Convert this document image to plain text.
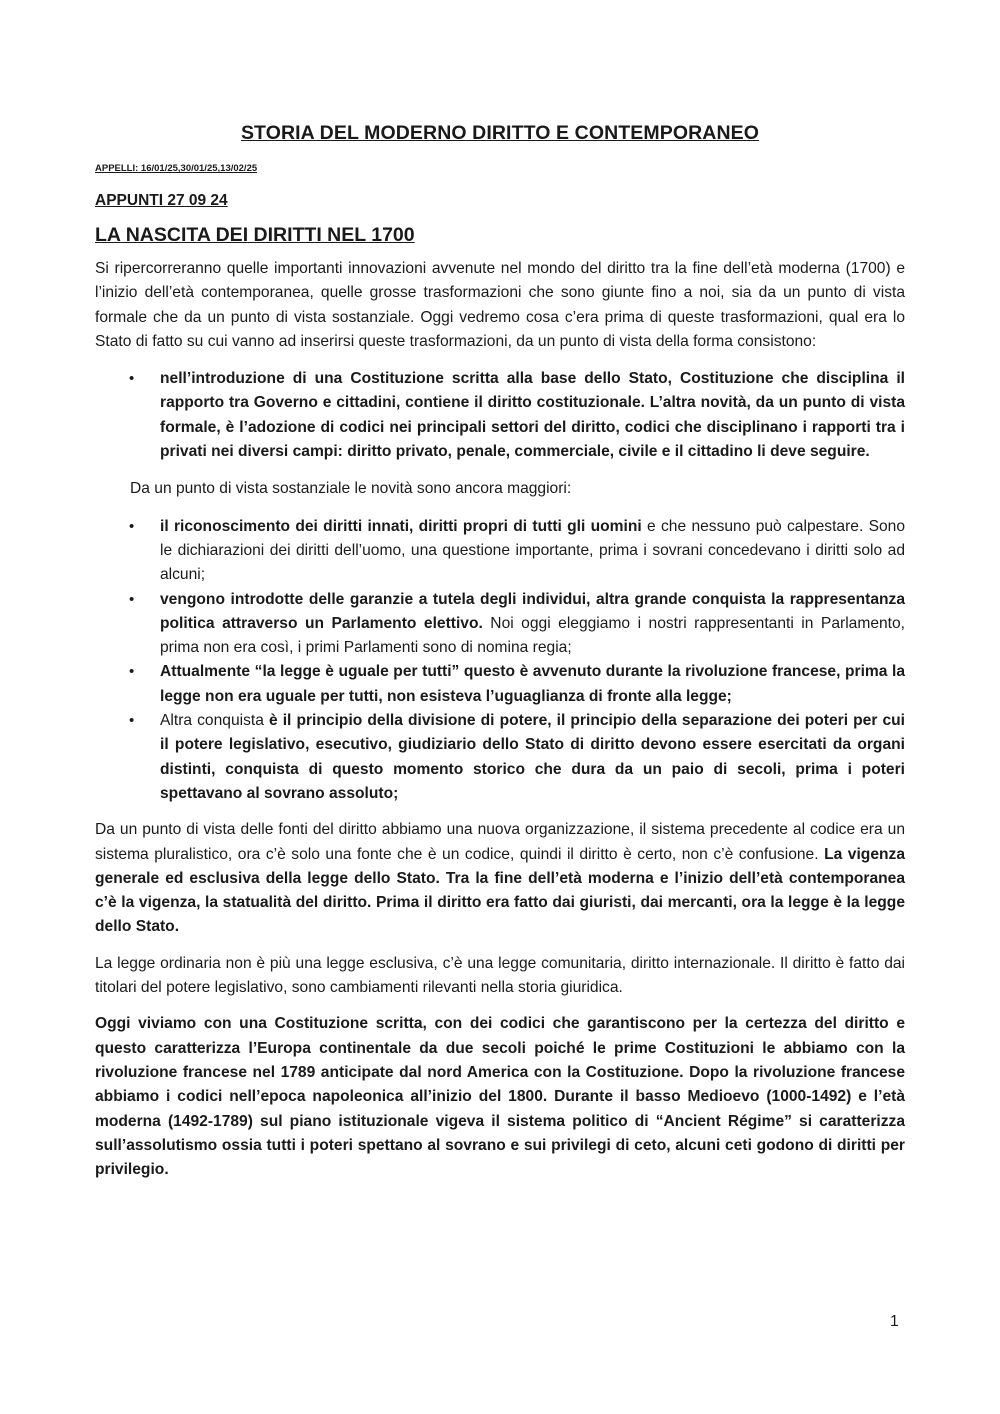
STORIA DEL MODERNO DIRITTO E CONTEMPORANEO
APPELLI: 16/01/25,30/01/25,13/02/25
APPUNTI 27 09 24
LA NASCITA DEI DIRITTI NEL 1700

Si ripercorreranno quelle importanti innovazioni avvenute nel mondo del diritto tra la fine dell’età moderna (1700) e l’inizio dell’età contemporanea, quelle grosse trasformazioni che sono giunte fino a noi, sia da un punto di vista formale che da un punto di vista sostanziale. Oggi vedremo cosa c’era prima di queste trasformazioni, qual era lo Stato di fatto su cui vanno ad inserirsi queste trasformazioni, da un punto di vista della forma consistono:

• nell’introduzione di una Costituzione scritta alla base dello Stato, Costituzione che disciplina il rapporto tra Governo e cittadini, contiene il diritto costituzionale. L’altra novità, da un punto di vista formale, è l’adozione di codici nei principali settori del diritto, codici che disciplinano i rapporti tra i privati nei diversi campi: diritto privato, penale, commerciale, civile e il cittadino li deve seguire.

Da un punto di vista sostanziale le novità sono ancora maggiori:

• il riconoscimento dei diritti innati, diritti propri di tutti gli uomini e che nessuno può calpestare. Sono le dichiarazioni dei diritti dell’uomo, una questione importante, prima i sovrani concedevano i diritti solo ad alcuni;
• vengono introdotte delle garanzie a tutela degli individui, altra grande conquista la rappresentanza politica attraverso un Parlamento elettivo. Noi oggi eleggiamo i nostri rappresentanti in Parlamento, prima non era così, i primi Parlamenti sono di nomina regia;
• Attualmente “la legge è uguale per tutti” questo è avvenuto durante la rivoluzione francese, prima la legge non era uguale per tutti, non esisteva l’uguaglianza di fronte alla legge;
• Altra conquista è il principio della divisione di potere, il principio della separazione dei poteri per cui il potere legislativo, esecutivo, giudiziario dello Stato di diritto devono essere esercitati da organi distinti, conquista di questo momento storico che dura da un paio di secoli, prima i poteri spettavano al sovrano assoluto;

Da un punto di vista delle fonti del diritto abbiamo una nuova organizzazione, il sistema precedente al codice era un sistema pluralistico, ora c’è solo una fonte che è un codice, quindi il diritto è certo, non c’è confusione. La vigenza generale ed esclusiva della legge dello Stato. Tra la fine dell’età moderna e l’inizio dell’età contemporanea c’è la vigenza, la statualità del diritto. Prima il diritto era fatto dai giuristi, dai mercanti, ora la legge è la legge dello Stato.

La legge ordinaria non è più una legge esclusiva, c’è una legge comunitaria, diritto internazionale. Il diritto è fatto dai titolari del potere legislativo, sono cambiamenti rilevanti nella storia giuridica.

Oggi viviamo con una Costituzione scritta, con dei codici che garantiscono per la certezza del diritto e questo caratterizza l’Europa continentale da due secoli poiché le prime Costituzioni le abbiamo con la rivoluzione francese nel 1789 anticipate dal nord America con la Costituzione. Dopo la rivoluzione francese abbiamo i codici nell’epoca napoleonica all’inizio del 1800. Durante il basso Medioevo (1000-1492) e l’età moderna (1492-1789) sul piano istituzionale vigeva il sistema politico di “Ancient Régime” si caratterizza sull’assolutismo ossia tutti i poteri spettano al sovrano e sui privilegi di ceto, alcuni ceti godono di diritti per privilegio.

1
